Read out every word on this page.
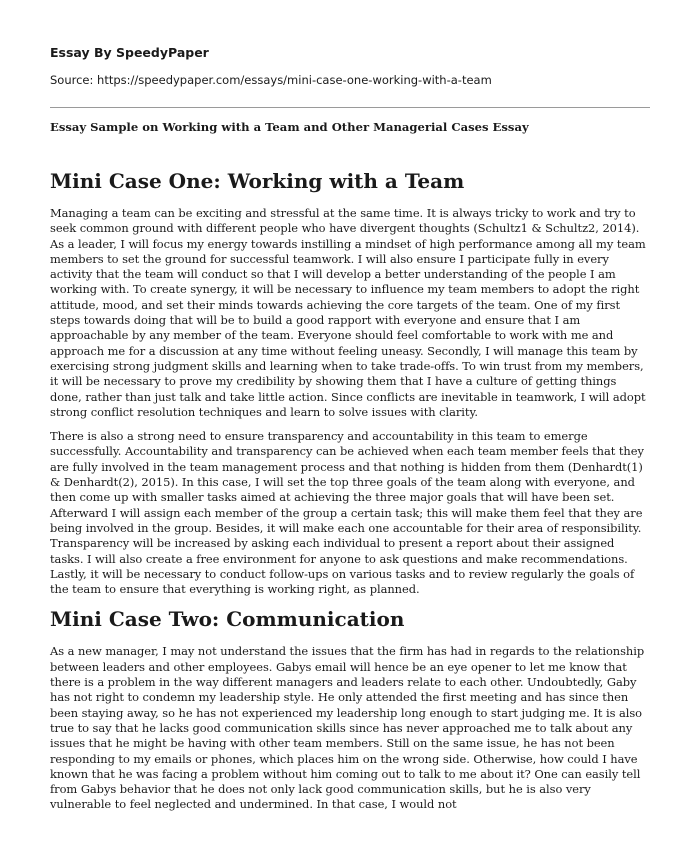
Essay By SpeedyPaper
Source: https://speedypaper.com/essays/mini-case-one-working-with-a-team
Essay Sample on Working with a Team and Other Managerial Cases Essay
Mini Case One: Working with a Team

Managing a team can be exciting and stressful at the same time. It is always tricky to work and try to seek common ground with different people who have divergent thoughts (Schultz1 & Schultz2, 2014). As a leader, I will focus my energy towards instilling a mindset of high performance among all my team members to set the ground for successful teamwork. I will also ensure I participate fully in every activity that the team will conduct so that I will develop a better understanding of the people I am working with. To create synergy, it will be necessary to influence my team members to adopt the right attitude, mood, and set their minds towards achieving the core targets of the team. One of my first steps towards doing that will be to build a good rapport with everyone and ensure that I am approachable by any member of the team. Everyone should feel comfortable to work with me and approach me for a discussion at any time without feeling uneasy. Secondly, I will manage this team by exercising strong judgment skills and learning when to take trade-offs. To win trust from my members, it will be necessary to prove my credibility by showing them that I have a culture of getting things done, rather than just talk and take little action. Since conflicts are inevitable in teamwork, I will adopt strong conflict resolution techniques and learn to solve issues with clarity.

There is also a strong need to ensure transparency and accountability in this team to emerge successfully. Accountability and transparency can be achieved when each team member feels that they are fully involved in the team management process and that nothing is hidden from them (Denhardt(1) & Denhardt(2), 2015). In this case, I will set the top three goals of the team along with everyone, and then come up with smaller tasks aimed at achieving the three major goals that will have been set. Afterward I will assign each member of the group a certain task; this will make them feel that they are being involved in the group. Besides, it will make each one accountable for their area of responsibility. Transparency will be increased by asking each individual to present a report about their assigned tasks. I will also create a free environment for anyone to ask questions and make recommendations. Lastly, it will be necessary to conduct follow-ups on various tasks and to review regularly the goals of the team to ensure that everything is working right, as planned.

Mini Case Two: Communication

As a new manager, I may not understand the issues that the firm has had in regards to the relationship between leaders and other employees. Gabys email will hence be an eye opener to let me know that there is a problem in the way different managers and leaders relate to each other. Undoubtedly, Gaby has not right to condemn my leadership style. He only attended the first meeting and has since then been staying away, so he has not experienced my leadership long enough to start judging me. It is also true to say that he lacks good communication skills since has never approached me to talk about any issues that he might be having with other team members. Still on the same issue, he has not been responding to my emails or phones, which places him on the wrong side. Otherwise, how could I have known that he was facing a problem without him coming out to talk to me about it? One can easily tell from Gabys behavior that he does not only lack good communication skills, but he is also very vulnerable to feel neglected and undermined. In that case, I would not
